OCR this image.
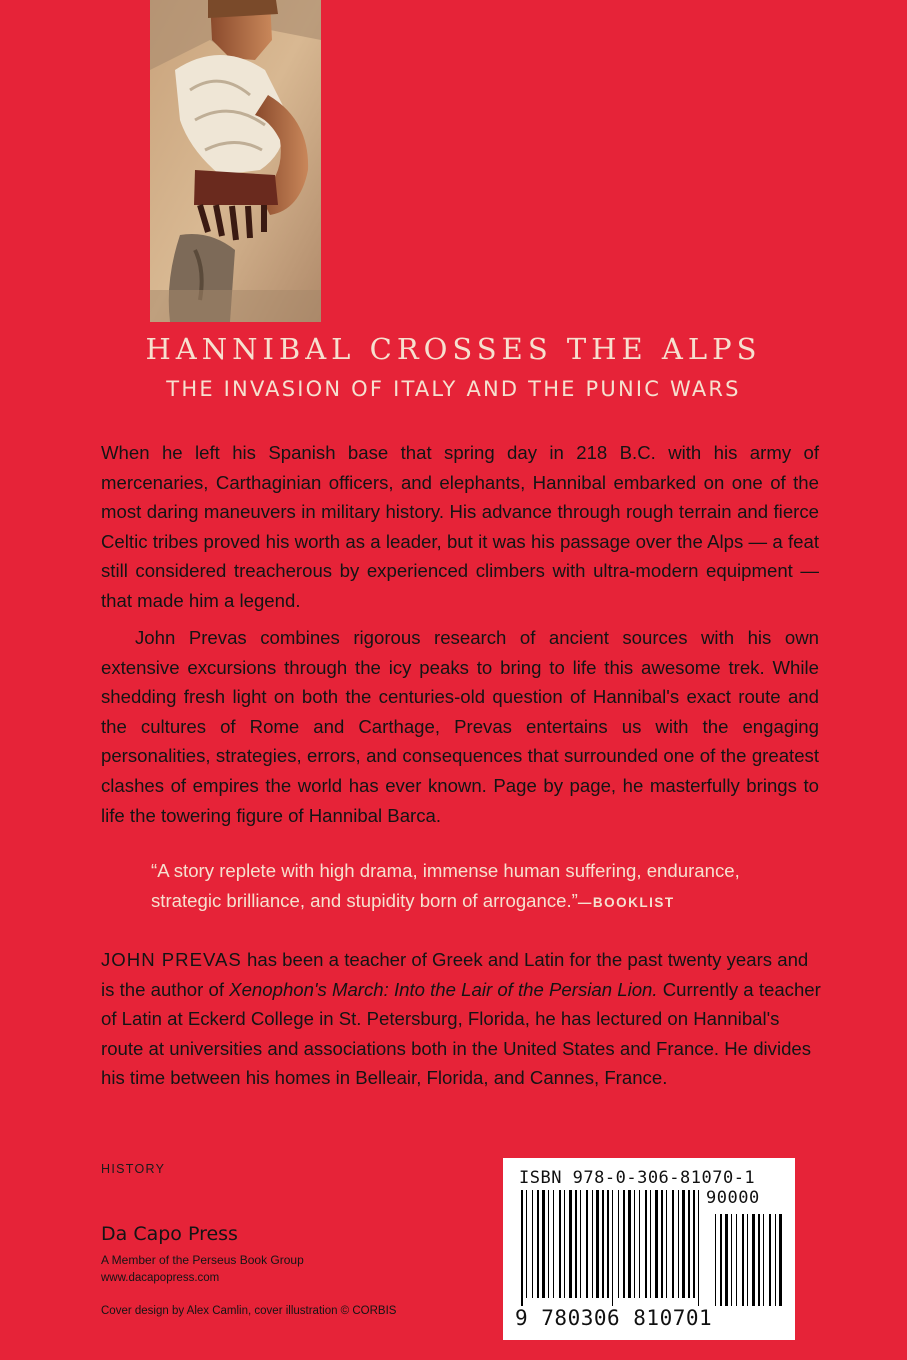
HANNIBAL CROSSES THE ALPS
THE INVASION OF ITALY AND THE PUNIC WARS
When he left his Spanish base that spring day in 218 B.C. with his army of mercenaries, Carthaginian officers, and elephants, Hannibal embarked on one of the most daring maneuvers in military history. His advance through rough terrain and fierce Celtic tribes proved his worth as a leader, but it was his passage over the Alps — a feat still considered treacherous by experienced climbers with ultra-modern equipment — that made him a legend.
John Prevas combines rigorous research of ancient sources with his own extensive excursions through the icy peaks to bring to life this awesome trek. While shedding fresh light on both the centuries-old question of Hannibal's exact route and the cultures of Rome and Carthage, Prevas entertains us with the engaging personalities, strategies, errors, and consequences that surrounded one of the greatest clashes of empires the world has ever known. Page by page, he masterfully brings to life the towering figure of Hannibal Barca.
“A story replete with high drama, immense human suffering, endurance, strategic brilliance, and stupidity born of arrogance.”—BOOKLIST
JOHN PREVAS has been a teacher of Greek and Latin for the past twenty years and is the author of Xenophon's March: Into the Lair of the Persian Lion. Currently a teacher of Latin at Eckerd College in St. Petersburg, Florida, he has lectured on Hannibal's route at universities and associations both in the United States and France. He divides his time between his homes in Belleair, Florida, and Cannes, France.
HISTORY
Da Capo Press
A Member of the Perseus Book Group
www.dacapopress.com
Cover design by Alex Camlin, cover illustration © CORBIS
ISBN 978-0-306-81070-1
90000
9 780306 810701
